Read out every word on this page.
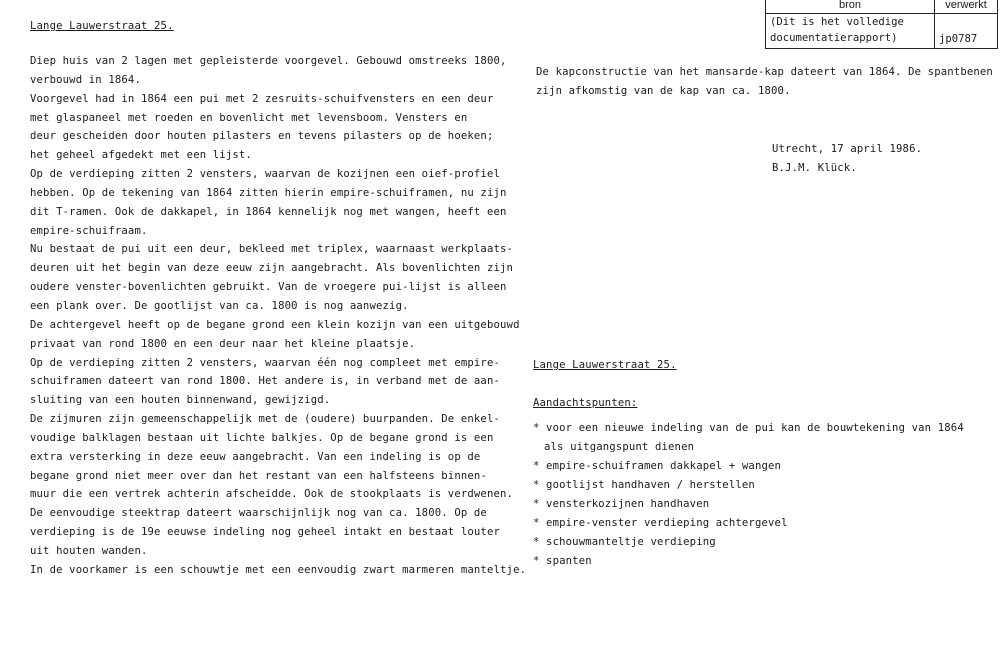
bron	verwerkt

(Dit is het volledige
documentatierapport)	jp0787
Lange Lauwerstraat 25.
Diep huis van 2 lagen met gepleisterde voorgevel. Gebouwd omstreeks 1800,
verbouwd in 1864.
Voorgevel had in 1864 een pui met 2 zesruits-schuifvensters en een deur
met glaspaneel met roeden en bovenlicht met levensboom. Vensters en
deur gescheiden door houten pilasters en tevens pilasters op de hoeken;
het geheel afgedekt met een lijst.
Op de verdieping zitten 2 vensters, waarvan de kozijnen een oief-profiel
hebben. Op de tekening van 1864 zitten hierin empire-schuiframen, nu zijn
dit T-ramen. Ook de dakkapel, in 1864 kennelijk nog met wangen, heeft een
empire-schuifraam.
Nu bestaat de pui uit een deur, bekleed met triplex, waarnaast werkplaats-
deuren uit het begin van deze eeuw zijn aangebracht. Als bovenlichten zijn
oudere venster-bovenlichten gebruikt. Van de vroegere pui-lijst is alleen
een plank over. De gootlijst van ca. 1800 is nog aanwezig.
De achtergevel heeft op de begane grond een klein kozijn van een uitgebouwd
privaat van rond 1800 en een deur naar het kleine plaatsje.
Op de verdieping zitten 2 vensters, waarvan één nog compleet met empire-
schuiframen dateert van rond 1800. Het andere is, in verband met de aan-
sluiting van een houten binnenwand, gewijzigd.
De zijmuren zijn gemeenschappelijk met de (oudere) buurpanden. De enkel-
voudige balklagen bestaan uit lichte balkjes. Op de begane grond is een
extra versterking in deze eeuw aangebracht. Van een indeling is op de
begane grond niet meer over dan het restant van een halfsteens binnen-
muur die een vertrek achterin afscheidde. Ook de stookplaats is verdwenen.
De eenvoudige steektrap dateert waarschijnlijk nog van ca. 1800. Op de
verdieping is de 19e eeuwse indeling nog geheel intakt en bestaat louter
uit houten wanden.
In de voorkamer is een schouwtje met een eenvoudig zwart marmeren manteltje.
De kapconstructie van het mansarde-kap dateert van 1864. De spantbenen
zijn afkomstig van de kap van ca. 1800.
Utrecht, 17 april 1986.
B.J.M. Klück.
Lange Lauwerstraat 25.
Aandachtspunten:
* voor een nieuwe indeling van de pui kan de bouwtekening van 1864
als uitgangspunt dienen
* empire-schuiframen dakkapel + wangen
* gootlijst handhaven / herstellen
* vensterkozijnen handhaven
* empire-venster verdieping achtergevel
* schouwmanteltje verdieping
* spanten
